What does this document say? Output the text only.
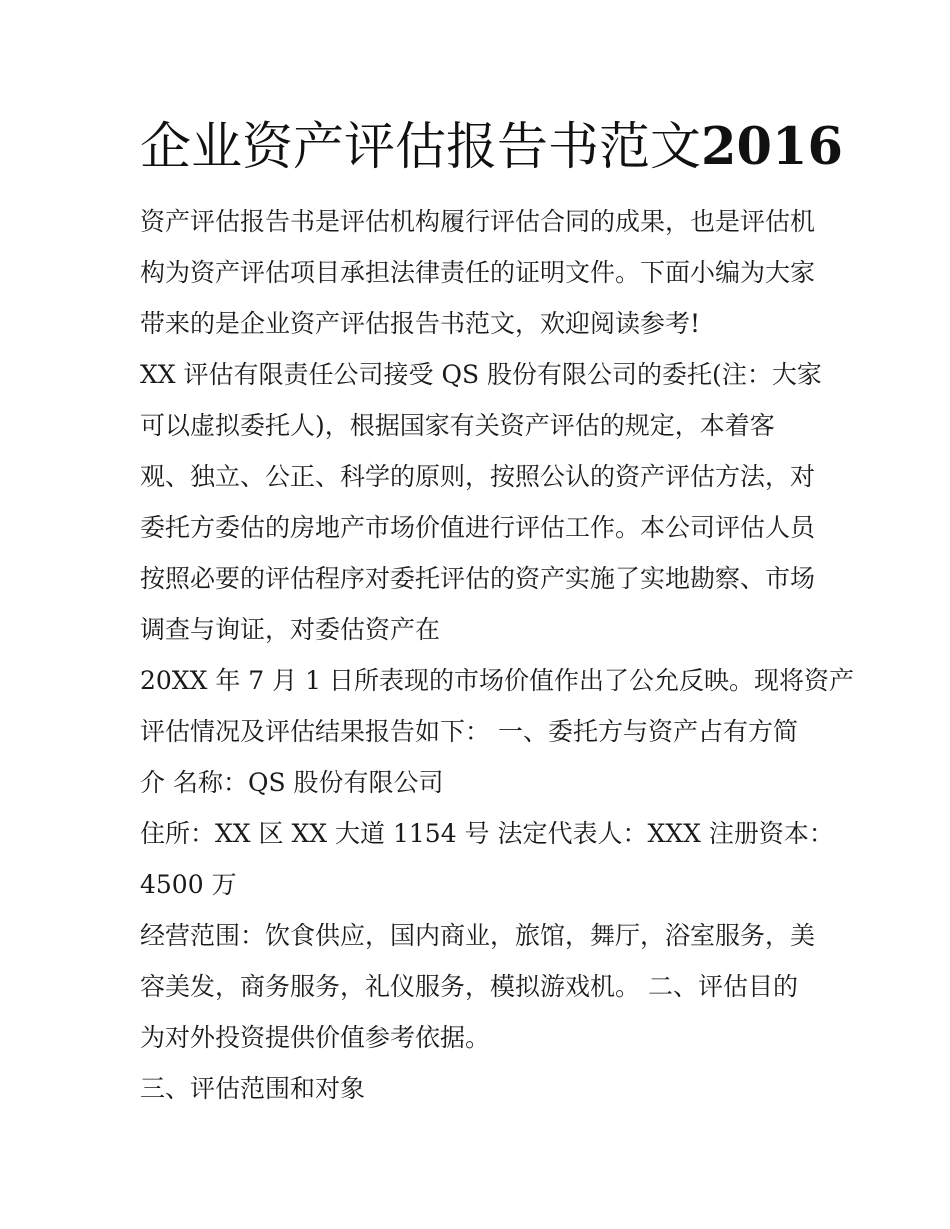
企业资产评估报告书范文2016
资产评估报告书是评估机构履行评估合同的成果，也是评估机
构为资产评估项目承担法律责任的证明文件。下面小编为大家
带来的是企业资产评估报告书范文，欢迎阅读参考!
XX 评估有限责任公司接受 QS 股份有限公司的委托(注：大家
可以虚拟委托人)，根据国家有关资产评估的规定，本着客
观、独立、公正、科学的原则，按照公认的资产评估方法，对
委托方委估的房地产市场价值进行评估工作。本公司评估人员
按照必要的评估程序对委托评估的资产实施了实地勘察、市场
调查与询证，对委估资产在
20XX 年 7 月 1 日所表现的市场价值作出了公允反映。现将资产
评估情况及评估结果报告如下： 一、委托方与资产占有方简
介 名称：QS 股份有限公司
住所：XX 区 XX 大道 1154 号 法定代表人：XXX 注册资本：
4500 万
经营范围：饮食供应，国内商业，旅馆，舞厅，浴室服务，美
容美发，商务服务，礼仪服务，模拟游戏机。 二、评估目的
为对外投资提供价值参考依据。
三、评估范围和对象
